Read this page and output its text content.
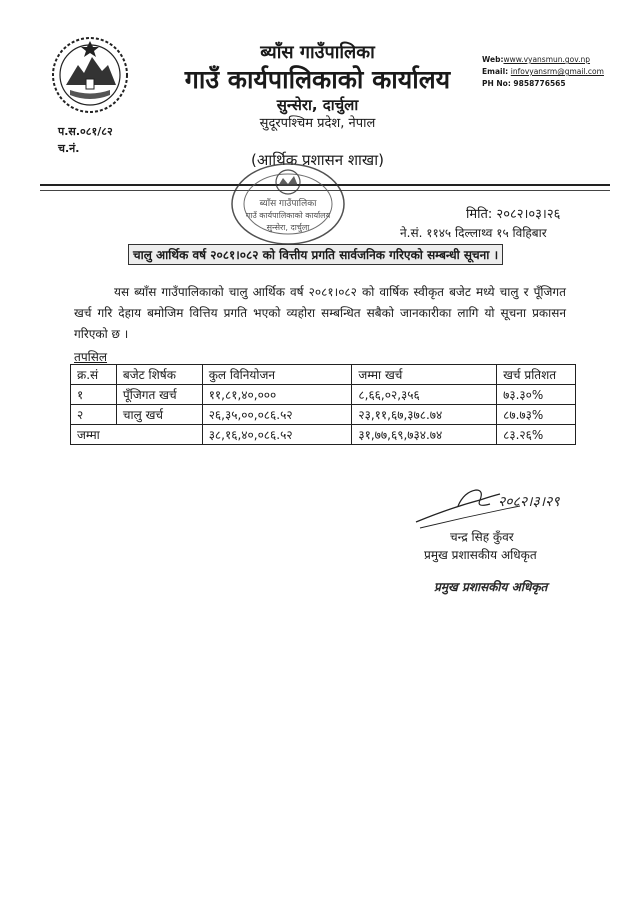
ब्याँस गाउँपालिका
गाउँ कार्यपालिकाको कार्यालय
सुन्सेरा, दार्चुला
सुदूरपश्चिम प्रदेश, नेपाल
Web:www.vyansmun.gov.np
Email: infovyansrm@gmail.com
PH No: 9858776565
प.स.०८१/८२
च.नं.
(आर्थिक प्रशासन शाखा)
ब्याँस गाउँपालिका
गाउँ कार्यपालिकाको कार्यालय
सुन्सेरा, दार्चुला
मिति: २०८२।०३।२६
ने.सं. ११४५ दिल्लाथ्व १५ विहिबार
चालु आर्थिक वर्ष २०८१।०८२ को वित्तीय प्रगति सार्वजनिक गरिएको सम्बन्धी सूचना ।
यस ब्याँस गाउँपालिकाको चालु आर्थिक वर्ष २०८१।०८२ को वार्षिक स्वीकृत बजेट मध्ये चालु र पूँजिगत खर्च गरि देहाय बमोजिम वित्तिय प्रगति भएको व्यहोरा सम्बन्धित सबैको जानकारीका लागि यो सूचना प्रकासन गरिएको छ ।
तपसिल
क्र.सं	बजेट शिर्षक	कुल विनियोजन	जम्मा खर्च	खर्च प्रतिशत
१	पूँजिगत खर्च	११,८१,४०,०००	८,६६,०२,३५६	७३.३०%
२	चालु खर्च	२६,३५,००,०८६.५२	२३,११,६७,३७८.७४	८७.७३%
जम्मा		३८,१६,४०,०८६.५२	३१,७७,६९,७३४.७४	८३.२६%
२०८२।३।२९
चन्द्र सिह कुँवर
प्रमुख प्रशासकीय अधिकृत
प्रमुख प्रशासकीय अधिकृत
